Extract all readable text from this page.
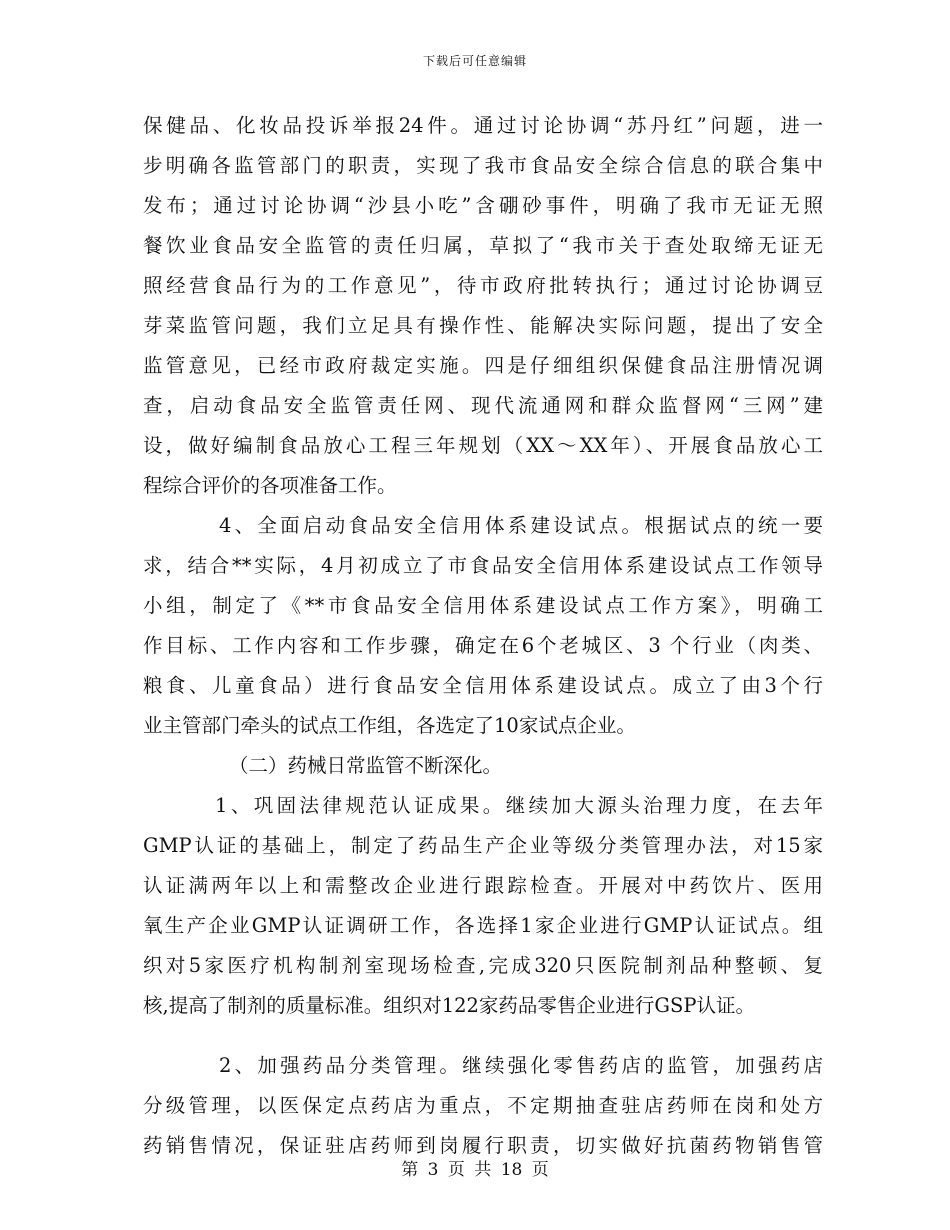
下载后可任意编辑
保健品、化妆品投诉举报24件。通过讨论协调“苏丹红”问题，进一
步明确各监管部门的职责，实现了我市食品安全综合信息的联合集中
发布；通过讨论协调“沙县小吃”含硼砂事件，明确了我市无证无照
餐饮业食品安全监管的责任归属，草拟了“我市关于查处取缔无证无
照经营食品行为的工作意见”，待市政府批转执行；通过讨论协调豆
芽菜监管问题，我们立足具有操作性、能解决实际问题，提出了安全
监管意见，已经市政府裁定实施。四是仔细组织保健食品注册情况调
查，启动食品安全监管责任网、现代流通网和群众监督网“三网”建
设，做好编制食品放心工程三年规划（XX～XX年）、开展食品放心工
程综合评价的各项准备工作。
4、全面启动食品安全信用体系建设试点。根据试点的统一要
求，结合**实际，4月初成立了市食品安全信用体系建设试点工作领导
小组，制定了《**市食品安全信用体系建设试点工作方案》，明确工
作目标、工作内容和工作步骤，确定在6个老城区、3 个行业（肉类、
粮食、儿童食品）进行食品安全信用体系建设试点。成立了由3个行
业主管部门牵头的试点工作组，各选定了10家试点企业。
（二）药械日常监管不断深化。
1、巩固法律规范认证成果。继续加大源头治理力度，在去年
GMP认证的基础上，制定了药品生产企业等级分类管理办法，对15家
认证满两年以上和需整改企业进行跟踪检查。开展对中药饮片、医用
氧生产企业GMP认证调研工作，各选择1家企业进行GMP认证试点。组
织对5家医疗机构制剂室现场检查,完成320只医院制剂品种整顿、复
核,提高了制剂的质量标准。组织对122家药品零售企业进行GSP认证。
2、加强药品分类管理。继续强化零售药店的监管，加强药店
分级管理，以医保定点药店为重点，不定期抽查驻店药师在岗和处方
药销售情况，保证驻店药师到岗履行职责，切实做好抗菌药物销售管
第 3 页 共 18 页
